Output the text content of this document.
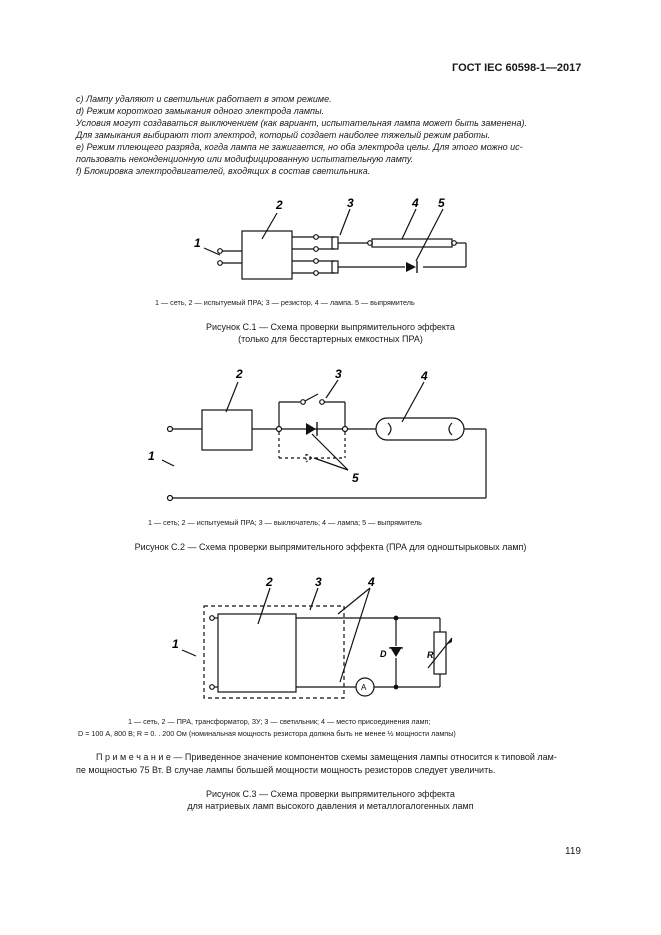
ГОСТ IEC 60598-1—2017
c) Лампу удаляют и светильник работает в этом режиме.
d) Режим короткого замыкания одного электрода лампы.
Условия могут создаваться выключением (как вариант, испытательная лампа может быть заменена).
Для замыкания выбирают тот электрод, который создает наиболее тяжелый режим работы.
e) Режим тлеющего разряда, когда лампа не зажигается, но оба электрода целы. Для этого можно ис-
пользовать неконденционную или модифицированную испытательную лампу.
f) Блокировка электродвигателей, входящих в состав светильника.
1
2	3	4 5
1 — сеть, 2 — испытуемый ПРА; 3 — резистор, 4 — лампа. 5 — выпрямитель
Рисунок С.1 — Схема проверки выпрямительного эффекта
(только для бесстартерных емкостных ПРА)
1
2	3	4
5
1 — сеть; 2 — испытуемый ПРА; 3 — выключатель; 4 — лампа; 5 — выпрямитель
Рисунок С.2 — Схема проверки выпрямительного эффекта (ПРА для одноштырьковых ламп)
1
2	3	4
D	R
A
1 — сеть, 2 — ПРА, трансформатор, ЗУ; 3 — светильник; 4 — место присоединения ламп;
D = 100 А, 800 В; R = 0. . 200 Ом (номинальная мощность резистора должна быть не менее ½ мощности лампы)
П р и м е ч а н и е — Приведенное значение компонентов схемы замещения лампы относится к типовой лам-
пе мощностью 75 Вт. В случае лампы большей мощности мощность резисторов следует увеличить.
Рисунок С.3 — Схема проверки выпрямительного эффекта
для натриевых ламп высокого давления и металлогалогенных ламп
119
